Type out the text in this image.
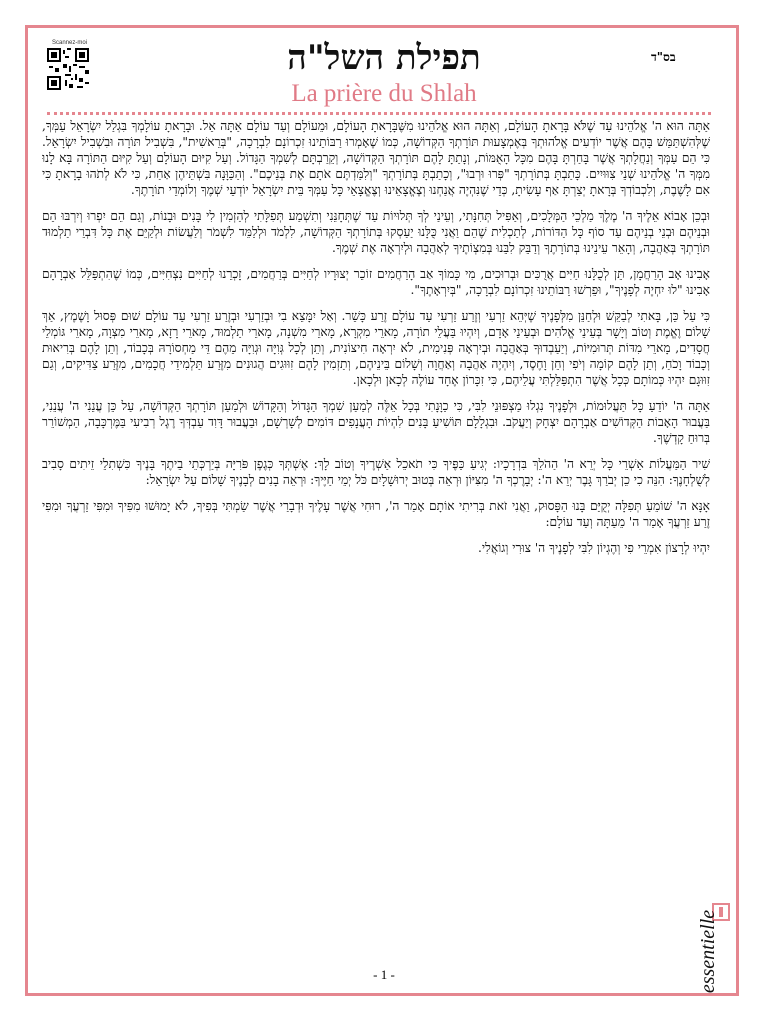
Scannez-moi
בס"ד
תפילת השל"ה
La prière du Shlah

אַתָּה הוּא ה' אֱלֹהֵינוּ עַד שֶׁלֹּא בָּרָאתָ הָעוֹלָם, וְאַתָּה הוּא אֱלֹהֵינוּ מִשֶּׁבָּרָאתָ הָעוֹלָם, וּמֵעוֹלָם וְעַד עוֹלָם אַתָּה אֵל. וּבָרָאתָ עוֹלָמְךָ בִּגְלַל יִשְׂרָאֵל עַמְּךָ, שֶׁלְּהִשְׁתַּמֵּשׁ בָּהֶם אֲשֶׁר יוֹדְעִים אֱלֹהוּתְךָ בְּאֶמְצָעוּת תּוֹרָתְךָ הַקְּדוֹשָׁה, כְּמוֹ שֶׁאָמְרוּ רַבּוֹתֵינוּ זִכְרוֹנָם לִבְרָכָה, "בְּרֵאשִׁית", בִּשְׁבִיל תּוֹרָה וּבִשְׁבִיל יִשְׂרָאֵל. כִּי הֵם עַמְּךָ וְנַחֲלָתְךָ אֲשֶׁר בָּחַרְתָּ בָּהֶם מִכָּל הָאֻמּוֹת, וְנָתַתָּ לָהֶם תּוֹרָתְךָ הַקְּדוֹשָׁה, וְקֵרַבְתָּם לְשִׁמְךָ הַגָּדוֹל. וְעַל קִיּוּם הָעוֹלָם וְעַל קִיּוּם הַתּוֹרָה בָּא לָנוּ מִמְּךָ ה' אֱלֹהֵינוּ שְׁנֵי צִוּוּיִים. כָּתַבְתָּ בְּתוֹרָתְךָ "פְּרוּ וּרְבוּ", וְכָתַבְתָּ בְּתוֹרָתְךָ "וְלִמַּדְתֶּם אֹתָם אֶת בְּנֵיכֶם". וְהַכַּוָּנָה בִּשְׁתֵּיהֶן אַחַת, כִּי לֹא לְתֹהוּ בָרָאתָ כִּי אִם לָשֶׁבֶת, וְלִכְבוֹדְךָ בְּרָאתָ יְצַרְתָּ אַף עָשִׂיתָ, כְּדֵי שֶׁנִּהְיֶה אֲנַחְנוּ וְצֶאֱצָאֵינוּ וְצֶאֱצָאֵי כָּל עַמְּךָ בֵּית יִשְׂרָאֵל יוֹדְעֵי שְׁמֶךָ וְלוֹמְדֵי תוֹרָתֶךָ.

וּבְכֵן אָבוֹא אֵלֶיךָ ה' מֶלֶךְ מַלְכֵי הַמְּלָכִים, וְאַפִּיל תְּחִנָּתִי, וְעֵינַי לְךָ תְּלוּיוֹת עַד שֶׁתְּחָנֵּנִי וְתִשְׁמַע תְּפִלָּתִי לְהַזְמִין לִי בָּנִים וּבָנוֹת, וְגַם הֵם יִפְרוּ וְיִרְבּוּ הֵם וּבְנֵיהֶם וּבְנֵי בְנֵיהֶם עַד סוֹף כָּל הַדּוֹרוֹת, לְתַכְלִית שֶׁהֵם וַאֲנִי כֻּלָּנוּ יַעַסְקוּ בְּתוֹרָתְךָ הַקְּדוֹשָׁה, לִלְמֹד וּלְלַמֵּד לִשְׁמֹר וְלַעֲשׂוֹת וּלְקַיֵּם אֶת כָּל דִּבְרֵי תַלְמוּד תּוֹרָתְךָ בְּאַהֲבָה, וְהָאֵר עֵינֵינוּ בְּתוֹרָתֶךָ וְדַבֵּק לִבֵּנוּ בְּמִצְוֹתֶיךָ לְאַהֲבָה וּלְיִרְאָה אֶת שְׁמֶךָ.

אָבִינוּ אָב הָרַחֲמָן, תֵּן לְכֻלָּנוּ חַיִּים אֲרֻכִּים וּבְרוּכִים, מִי כָּמוֹךָ אַב הָרַחֲמִים זוֹכֵר יְצוּרָיו לְחַיִּים בְּרַחֲמִים, זָכְרֵנוּ לְחַיִּים נִצְחִיִּים, כְּמוֹ שֶׁהִתְפַּלֵּל אַבְרָהָם אָבִינוּ "לוּ יִחְיֶה לְפָנֶיךָ", וּפֵרְשׁוּ רַבּוֹתֵינוּ זִכְרוֹנָם לִבְרָכָה, "בְּיִרְאָתֶךָ".

כִּי עַל כֵּן, בָּאתִי לְבַקֵּשׁ וּלְחַנֵּן מִלְּפָנֶיךָ שֶׁיְּהֵא זַרְעִי וְזֶרַע זַרְעִי עַד עוֹלָם זֶרַע כָּשֵׁר. וְאַל יִמָּצֵא בִי וּבְזַרְעִי וּבְזֶרַע זַרְעִי עַד עוֹלָם שׁוּם פְּסוּל וָשֶׁמֶץ, אַךְ שָׁלוֹם וֶאֱמֶת וְטוֹב וְיָשָׁר בְּעֵינֵי אֱלֹהִים וּבְעֵינֵי אָדָם, וְיִהְיוּ בַּעֲלֵי תוֹרָה, מָארֵי מִקְרָא, מָארֵי מִשְׁנָה, מָארֵי תַלְמוּד, מָארֵי רָזָא, מָארֵי מִצְוָה, מָארֵי גּוֹמְלֵי חֲסָדִים, מָארֵי מִדּוֹת תְּרוּמִיּוֹת, וְיַעַבְדוּךָ בְּאַהֲבָה וּבְיִרְאָה פְּנִימִית, לֹא יִרְאָה חִיצוֹנִית, וְתֵן לְכָל גְּוִיָּה וּגְוִיָּה מֵהֶם דֵּי מַחְסוֹרָהּ בְּכָבוֹד, וְתֵן לָהֶם בְּרִיאוּת וְכָבוֹד וָכֹחַ, וְתֵן לָהֶם קוֹמָה וְיֹפִי וְחֵן וָחֶסֶד, וְיִהְיֶה אַהֲבָה וְאַחֲוָה וְשָׁלוֹם בֵּינֵיהֶם, וְתַזְמִין לָהֶם זִוּוּגִים הֲגוּנִים מִזֶּרַע תַּלְמִידֵי חֲכָמִים, מִזֶּרַע צַדִּיקִים, וְגַם זִוּוּגָם יִהְיוּ כְּמוֹתָם כְּכָל אֲשֶׁר הִתְפַּלַּלְתִּי עֲלֵיהֶם, כִּי זִכָּרוֹן אֶחָד עוֹלֶה לְכָאן וּלְכָאן.

אַתָּה ה' יוֹדֵעַ כָּל תַּעֲלוּמוֹת, וּלְפָנֶיךָ נִגְלוּ מַצְפּוּנֵי לִבִּי, כִּי כַוָּנָתִי בְּכָל אֵלֶּה לְמַעַן שִׁמְךָ הַגָּדוֹל וְהַקָּדוֹשׁ וּלְמַעַן תּוֹרָתְךָ הַקְּדוֹשָׁה, עַל כֵּן עֲנֵנִי ה' עֲנֵנִי, בַּעֲבוּר הָאָבוֹת הַקְּדוֹשִׁים אַבְרָהָם יִצְחָק וְיַעֲקֹב. וּבִגְלָלָם תּוֹשִׁיעַ בָּנִים לִהְיוֹת הָעֲנָפִים דּוֹמִים לְשָׁרְשָׁם, וּבַעֲבוּר דָּוִד עַבְדְּךָ רֶגֶל רְבִיעִי בַּמֶּרְכָּבָה, הַמְשׁוֹרֵר בְּרוּחַ קָדְשֶׁךָ.

שִׁיר הַמַּעֲלוֹת אַשְׁרֵי כָּל יְרֵא ה' הַהֹלֵךְ בִּדְרָכָיו: יְגִיעַ כַּפֶּיךָ כִּי תֹאכֵל אַשְׁרֶיךָ וְטוֹב לָךְ: אֶשְׁתְּךָ כְּגֶפֶן פֹּרִיָּה בְּיַרְכְּתֵי בֵיתֶךָ בָּנֶיךָ כִּשְׁתִלֵי זֵיתִים סָבִיב לְשֻׁלְחָנֶךָ: הִנֵּה כִי כֵן יְבֹרַךְ גָּבֶר יְרֵא ה': יְבָרֶכְךָ ה' מִצִּיּוֹן וּרְאֵה בְּטוּב יְרוּשָׁלָיִם כֹּל יְמֵי חַיֶּיךָ: וּרְאֵה בָנִים לְבָנֶיךָ שָׁלוֹם עַל יִשְׂרָאֵל:

אָנָּא ה' שׁוֹמֵעַ תְּפִלָּה יְקֻיַּם בָּנוּ הַפָּסוּק, וַאֲנִי זֹאת בְּרִיתִי אוֹתָם אָמַר ה', רוּחִי אֲשֶׁר עָלֶיךָ וּדְבָרַי אֲשֶׁר שַׂמְתִּי בְּפִיךָ, לֹא יָמוּשׁוּ מִפִּיךָ וּמִפִּי זַרְעֲךָ וּמִפִּי זֶרַע זַרְעֲךָ אָמַר ה' מֵעַתָּה וְעַד עוֹלָם:

יִהְיוּ לְרָצוֹן אִמְרֵי פִי וְהֶגְיוֹן לִבִּי לְפָנֶיךָ ה' צוּרִי וְגוֹאֲלִי.

- 1 -	essentielle
